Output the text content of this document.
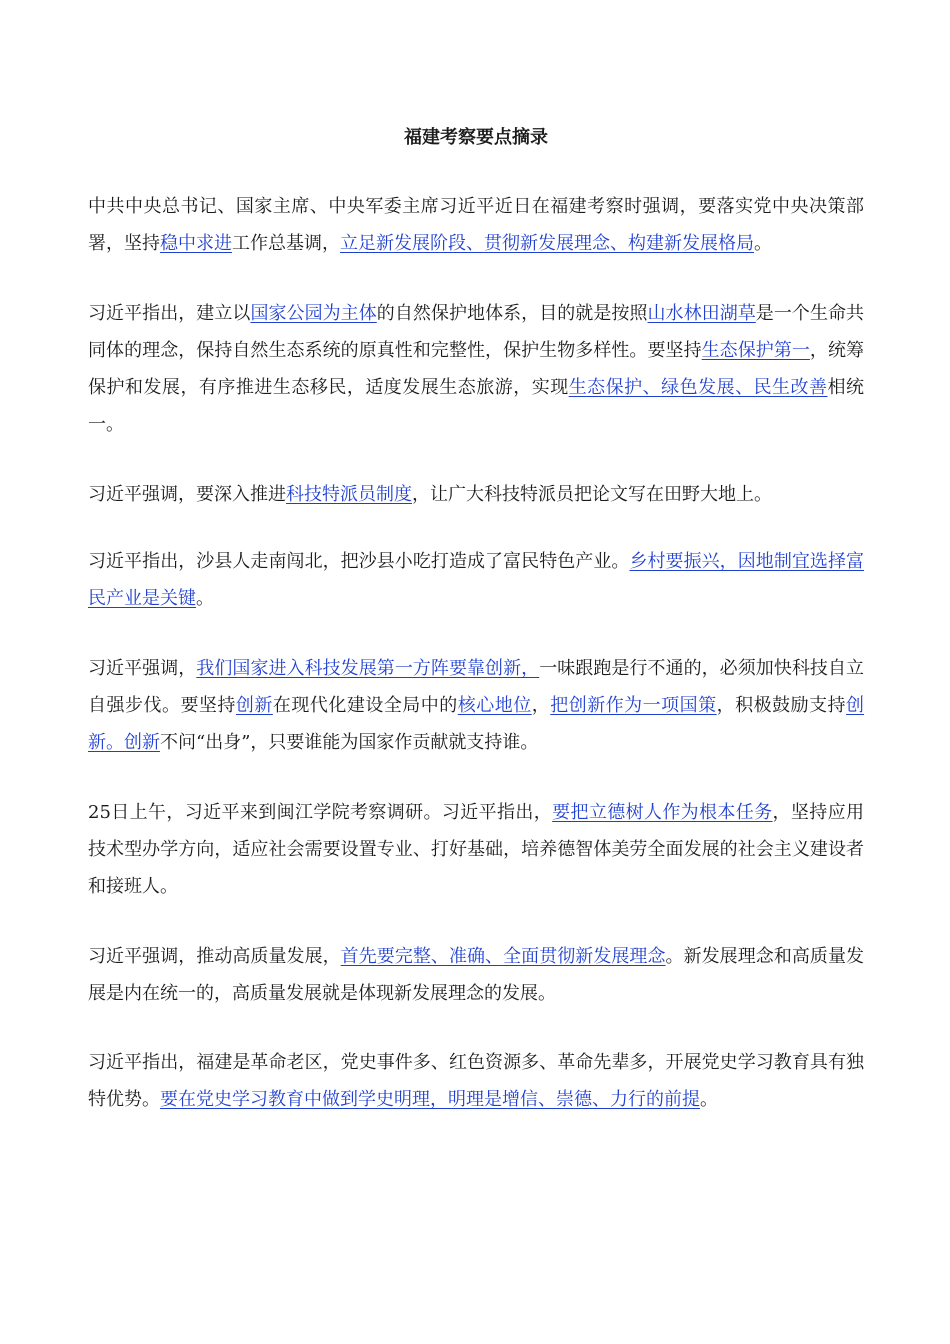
福建考察要点摘录

中共中央总书记、国家主席、中央军委主席习近平近日在福建考察时强调，要落实党中央决策部署，坚持稳中求进工作总基调，立足新发展阶段、贯彻新发展理念、构建新发展格局。

习近平指出，建立以国家公园为主体的自然保护地体系，目的就是按照山水林田湖草是一个生命共同体的理念，保持自然生态系统的原真性和完整性，保护生物多样性。要坚持生态保护第一，统筹保护和发展，有序推进生态移民，适度发展生态旅游，实现生态保护、绿色发展、民生改善相统一。

习近平强调，要深入推进科技特派员制度，让广大科技特派员把论文写在田野大地上。

习近平指出，沙县人走南闯北，把沙县小吃打造成了富民特色产业。乡村要振兴，因地制宜选择富民产业是关键。

习近平强调，我们国家进入科技发展第一方阵要靠创新，一味跟跑是行不通的，必须加快科技自立自强步伐。要坚持创新在现代化建设全局中的核心地位，把创新作为一项国策，积极鼓励支持创新。创新不问“出身”，只要谁能为国家作贡献就支持谁。

25日上午，习近平来到闽江学院考察调研。习近平指出，要把立德树人作为根本任务，坚持应用技术型办学方向，适应社会需要设置专业、打好基础，培养德智体美劳全面发展的社会主义建设者和接班人。

习近平强调，推动高质量发展，首先要完整、准确、全面贯彻新发展理念。新发展理念和高质量发展是内在统一的，高质量发展就是体现新发展理念的发展。

习近平指出，福建是革命老区，党史事件多、红色资源多、革命先辈多，开展党史学习教育具有独特优势。要在党史学习教育中做到学史明理，明理是增信、崇德、力行的前提。
